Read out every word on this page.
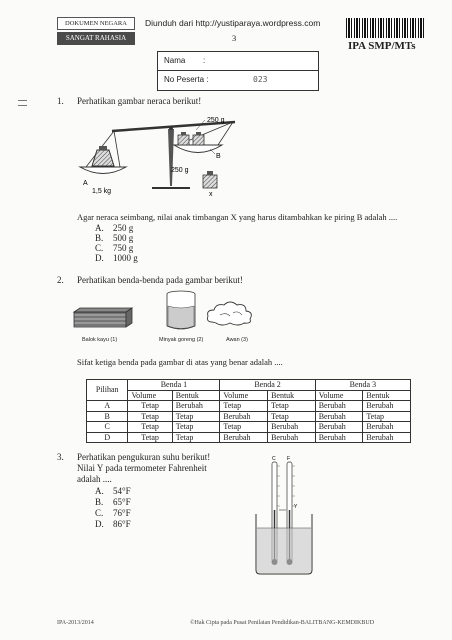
DOKUMEN NEGARA
SANGAT RAHASIA
Diunduh dari http://yustiparaya.wordpress.com
3
IPA SMP/MTs
Nama :
No Peserta :	023
1. Perhatikan gambar neraca berikut!
250 g
B
250 g
A
1,5 kg	x
Agar neraca seimbang, nilai anak timbangan X yang harus ditambahkan ke piring B adalah ....
A. 250 g
B. 500 g
C. 750 g
D. 1000 g
2. Perhatikan benda-benda pada gambar berikut!
Balok kayu (1)	Minyak goreng (2)	Awan (3)
Sifat ketiga benda pada gambar di atas yang benar adalah ....
Pilihan	Benda 1		Benda 2		Benda 3	
	Volume	Bentuk	Volume	Bentuk	Volume	Bentuk
A	Tetap	Berubah	Tetap	Tetap	Berubah	Berubah
B	Tetap	Tetap	Berubah	Tetap	Berubah	Tetap
C	Tetap	Tetap	Tetap	Berubah	Berubah	Berubah
D	Tetap	Tetap	Berubah	Berubah	Berubah	Berubah
3. Perhatikan pengukuran suhu berikut!
Nilai Y pada termometer Fahrenheit
adalah ....
A. 54°F
B. 65°F
C. 76°F
D. 86°F
C F
Y
IPA-2013/2014	©Hak Cipta pada Pusat Penilaian Pendidikan-BALITBANG-KEMDIKBUD
